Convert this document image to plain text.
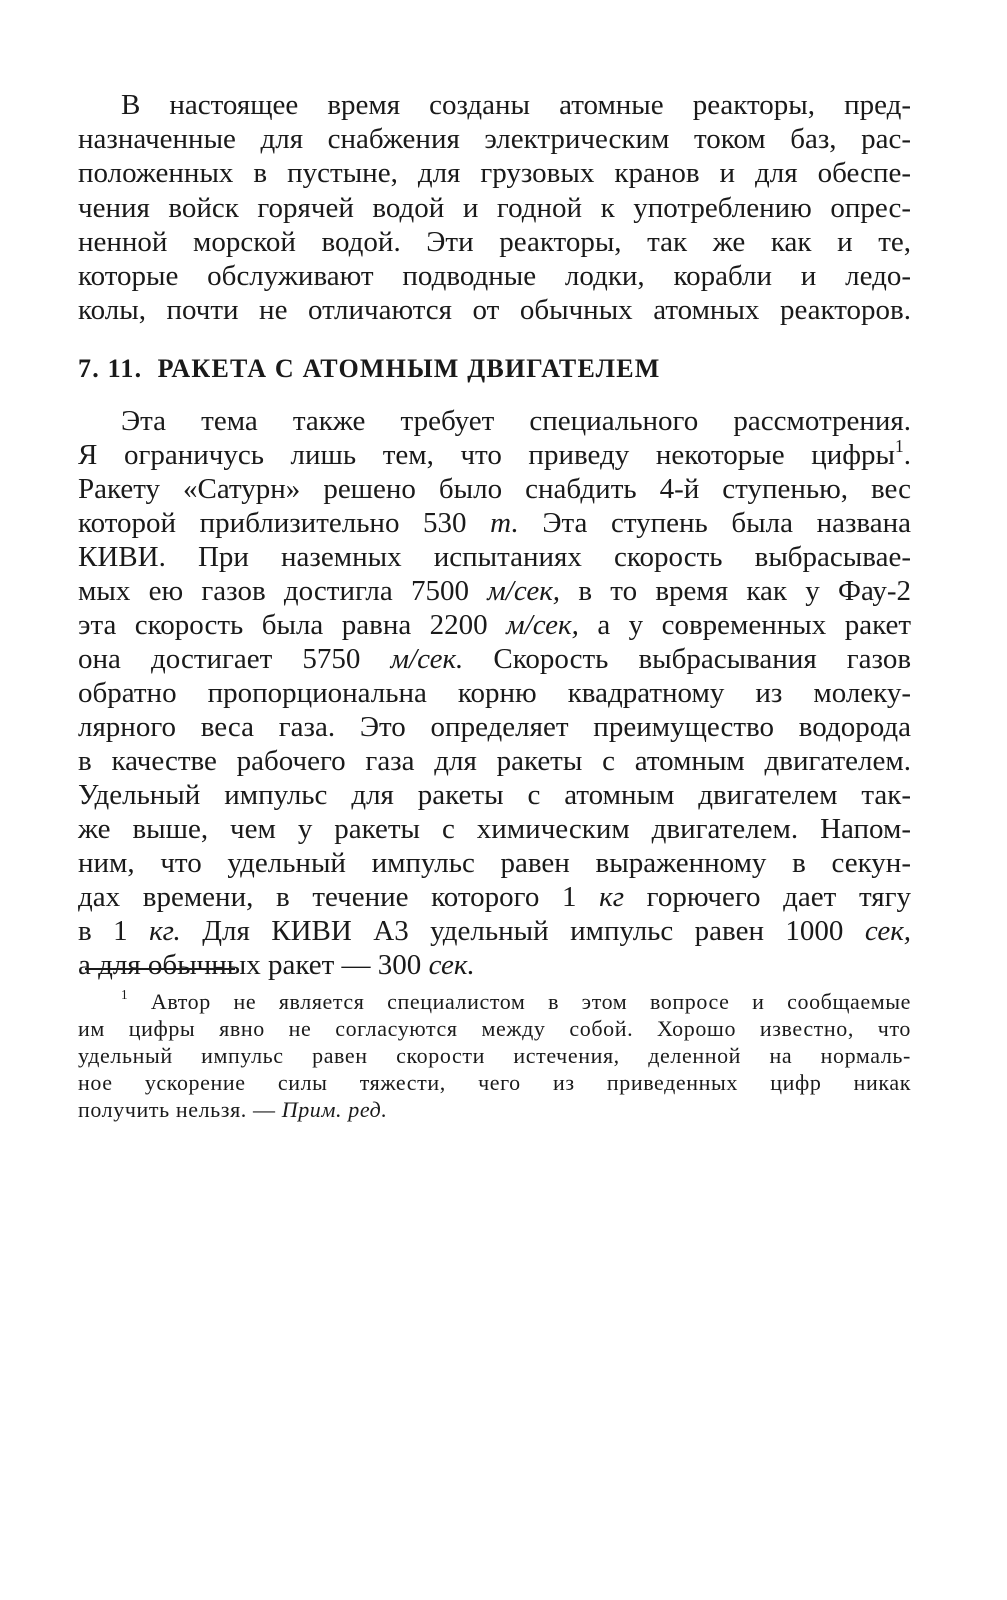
В настоящее время созданы атомные реакторы, пред-
назначенные для снабжения электрическим током баз, рас-
положенных в пустыне, для грузовых кранов и для обеспе-
чения войск горячей водой и годной к употреблению опрес-
ненной морской водой. Эти реакторы, так же как и те,
которые обслуживают подводные лодки, корабли и ледо-
колы, почти не отличаются от обычных атомных реакторов.
7. 11. РАКЕТА С АТОМНЫМ ДВИГАТЕЛЕМ
Эта тема также требует специального рассмотрения.
Я ограничусь лишь тем, что приведу некоторые цифры$^1$.
Ракету «Сатурн» решено было снабдить 4-й ступенью, вес
которой приблизительно 530 т. Эта ступень была названа
КИВИ. При наземных испытаниях скорость выбрасывае-
мых ею газов достигла 7500 м/сек, в то время как у Фау-2
эта скорость была равна 2200 м/сек, а у современных ракет
она достигает 5750 м/сек. Скорость выбрасывания газов
обратно пропорциональна корню квадратному из молеку-
лярного веса газа. Это определяет преимущество водорода
в качестве рабочего газа для ракеты с атомным двигателем.
Удельный импульс для ракеты с атомным двигателем так-
же выше, чем у ракеты с химическим двигателем. Напом-
ним, что удельный импульс равен выраженному в секун-
дах времени, в течение которого 1 кг горючего дает тягу
в 1 кг. Для КИВИ А3 удельный импульс равен 1000 сек,
а для обычных ракет — 300 сек.
$^1$ Автор не является специалистом в этом вопросе и сообщаемые
им цифры явно не согласуются между собой. Хорошо известно, что
удельный импульс равен скорости истечения, деленной на нормаль-
ное ускорение силы тяжести, чего из приведенных цифр никак
получить нельзя. — Прим. ред.
